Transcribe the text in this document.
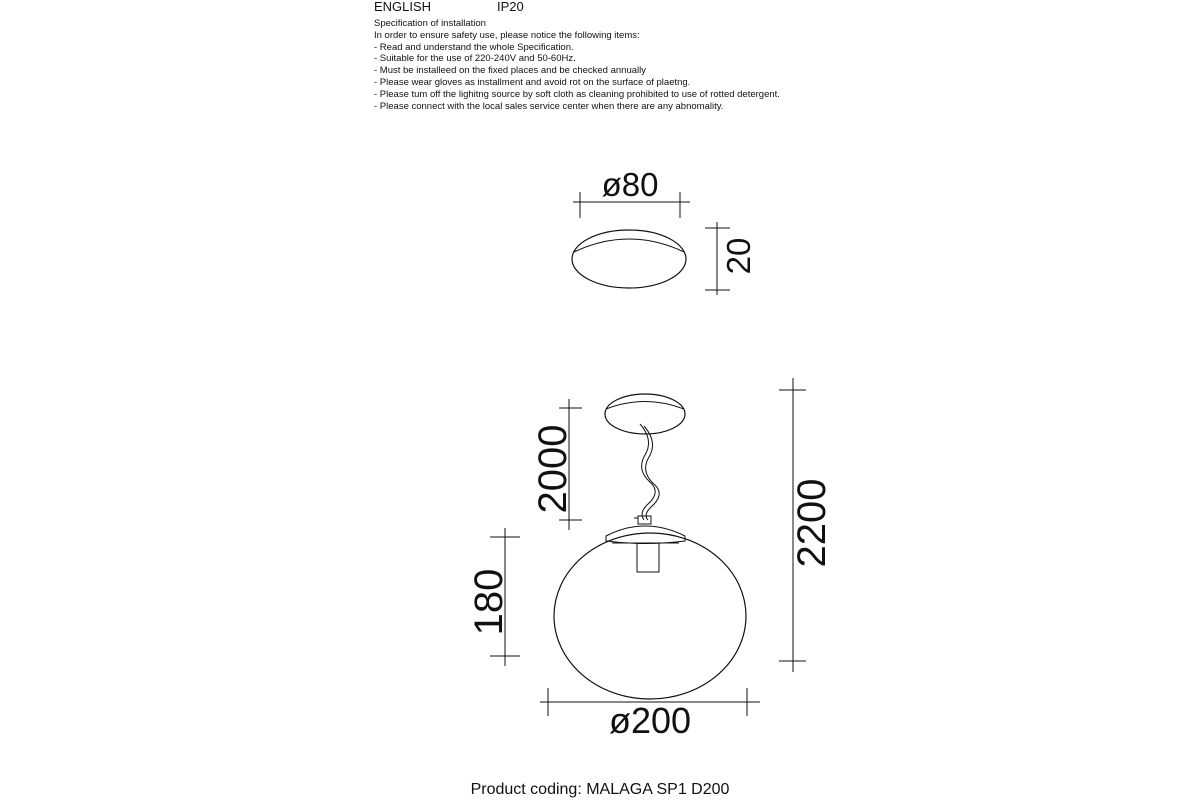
ENGLISH	IP20
Specification of installation
In order to ensure safety use, please notice the following items:
- Read and understand the whole Specification.
- Suitable for the use of 220-240V and 50-60Hz.
- Must be installeed on the fixed places and be checked annually
- Please wear gloves as installment and avoid rot on the surface of plaetng.
- Please tum off the lighitng source by soft cloth as cleaning prohibited to use of rotted detergent.
- Please connect with the local sales service center when there are any abnomality.
ø80
20
2000
2200
180
ø200
Product coding: MALAGA SP1 D200
